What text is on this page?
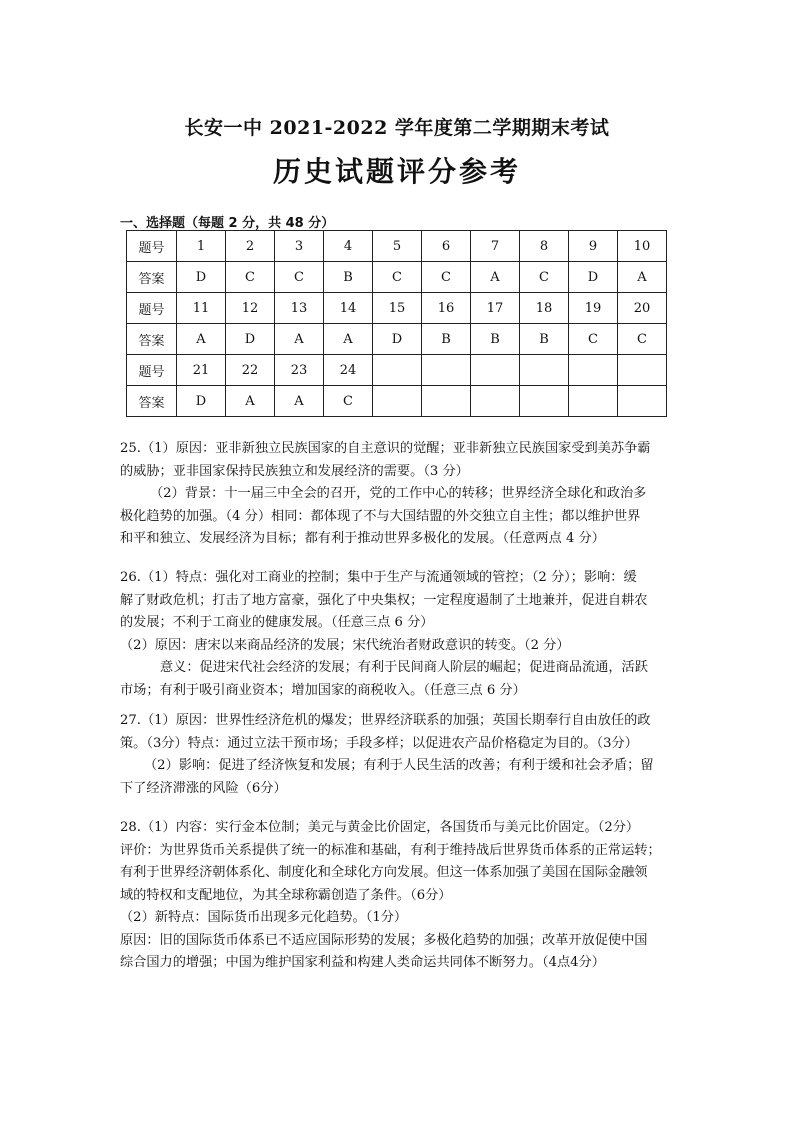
长安一中 2021-2022 学年度第二学期期末考试
历史试题评分参考
一、选择题（每题 2 分，共 48 分）
题号	1	2	3	4	5	6	7	8	9	10
答案	D	C	C	B	C	C	A	C	D	A
题号	11	12	13	14	15	16	17	18	19	20
答案	A	D	A	A	D	B	B	B	C	C
题号	21	22	23	24						
答案	D	A	A	C						
25.（1）原因：亚非新独立民族国家的自主意识的觉醒；亚非新独立民族国家受到美苏争霸
的威胁；亚非国家保持民族独立和发展经济的需要。（3 分）
（2）背景：十一届三中全会的召开，党的工作中心的转移；世界经济全球化和政治多
极化趋势的加强。（4 分）相同：都体现了不与大国结盟的外交独立自主性；都以维护世界
和平和独立、发展经济为目标；都有利于推动世界多极化的发展。（任意两点 4 分）
26.（1）特点：强化对工商业的控制；集中于生产与流通领域的管控；（2 分）；影响：缓
解了财政危机；打击了地方富豪，强化了中央集权；一定程度遏制了土地兼并，促进自耕农
的发展；不利于工商业的健康发展。（任意三点 6 分）
（2）原因：唐宋以来商品经济的发展；宋代统治者财政意识的转变。（2 分）
意义：促进宋代社会经济的发展；有利于民间商人阶层的崛起；促进商品流通，活跃
市场；有利于吸引商业资本；增加国家的商税收入。（任意三点 6 分）
27.（1）原因：世界性经济危机的爆发；世界经济联系的加强；英国长期奉行自由放任的政
策。（3分）特点：通过立法干预市场；手段多样；以促进农产品价格稳定为目的。（3分）
（2）影响：促进了经济恢复和发展；有利于人民生活的改善；有利于缓和社会矛盾；留
下了经济滞涨的风险（6分）
28.（1）内容：实行金本位制；美元与黄金比价固定，各国货币与美元比价固定。（2分）
评价：为世界货币关系提供了统一的标准和基础，有利于维持战后世界货币体系的正常运转；
有利于世界经济朝体系化、制度化和全球化方向发展。但这一体系加强了美国在国际金融领
域的特权和支配地位，为其全球称霸创造了条件。（6分）
（2）新特点：国际货币出现多元化趋势。（1分）
原因：旧的国际货币体系已不适应国际形势的发展；多极化趋势的加强；改革开放促使中国
综合国力的增强；中国为维护国家利益和构建人类命运共同体不断努力。（4点4分）
